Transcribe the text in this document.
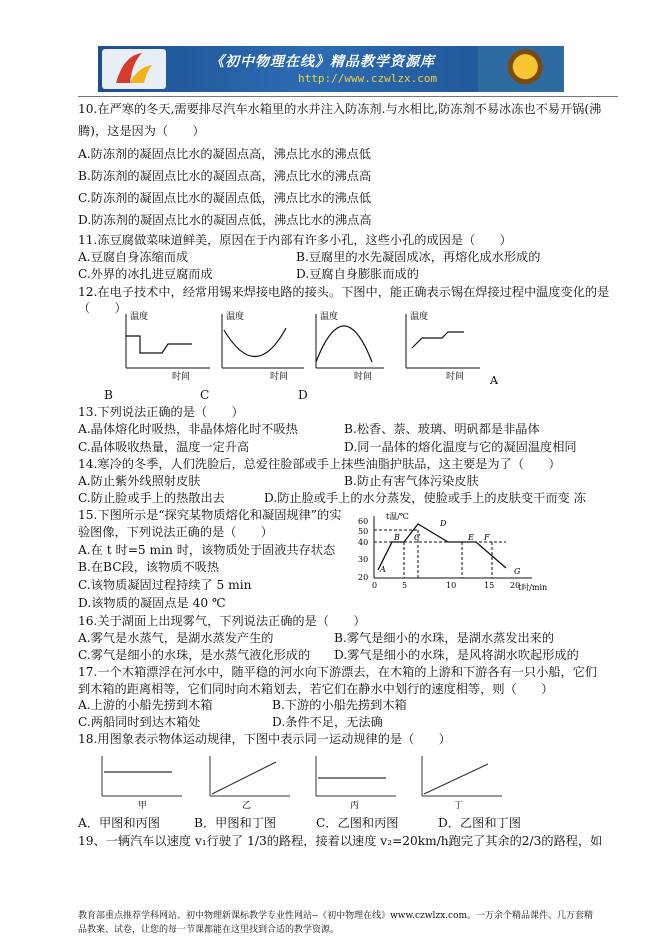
《初中物理在线》精品教学资源库
http://www.czwlzx.com
10.在严寒的冬天,需要排尽汽车水箱里的水并注入防冻剂.与水相比,防冻剂不易冰冻也不易开锅(沸
腾)，这是因为（　　）
A.防冻剂的凝固点比水的凝固点高，沸点比水的沸点低
B.防冻剂的凝固点比水的凝固点高，沸点比水的沸点高
C.防冻剂的凝固点比水的凝固点低，沸点比水的沸点低
D.防冻剂的凝固点比水的凝固点低，沸点比水的沸点高
11.冻豆腐做菜味道鲜美，原因在于内部有许多小孔，这些小孔的成因是（　　）
A.豆腐自身冻缩而成	B.豆腐里的水先凝固成冰，再熔化成水形成的
C.外界的冰扎进豆腐而成	D.豆腐自身膨胀而成的
12.在电子技术中，经常用锡来焊接电路的接头。下图中，能正确表示锡在焊接过程中温度变化的是
（　　）
温度	温度	温度	温度
时间	时间	时间	时间 A
B	C	D
13.下列说法正确的是（　　）
A.晶体熔化时吸热，非晶体熔化时不吸热	B.松香、萘、玻璃、明矾都是非晶体
C.晶体吸收热量，温度一定升高	D.同一晶体的熔化温度与它的凝固温度相同
14.寒冷的冬季，人们洗脸后，总爱往脸部或手上抹些油脂护肤品，这主要是为了（　　）
A.防止紫外线照射皮肤	B.防止有害气体污染皮肤
C.防止脸或手上的热散出去	D.防止脸或手上的水分蒸发，使脸或手上的皮肤变干而变 冻
15.下图所示是“探究某物质熔化和凝固规律”的实
验图像，下列说法正确的是（　　）
A.在 t 时=5 min 时，该物质处于固液共存状态
B.在BC段，该物质不吸热
C.该物质凝固过程持续了 5 min
D.该物质的凝固点是 40 ℃
t温/℃
60
50
40
30
20
0	5	10	15 20
t时/min
A
B C
D
E F
G
16.关于湖面上出现雾气，下列说法正确的是（　　）
A.雾气是水蒸气，是湖水蒸发产生的	B.雾气是细小的水珠，是湖水蒸发出来的
C.雾气是细小的水珠，是水蒸气液化形成的 D.雾气是细小的水珠，是风将湖水吹起形成的
17.一个木箱漂浮在河水中，随平稳的河水向下游漂去，在木箱的上游和下游各有一只小船，它们
到木箱的距离相等，它们同时向木箱划去，若它们在静水中划行的速度相等，则（　　）
A.上游的小船先捞到木箱	B.下游的小船先捞到木箱
C.两船同时到达木箱处	D.条件不足，无法确
18.用图象表示物体运动规律，下图中表示同一运动规律的是（　　）
甲	乙	丙	丁
A．甲图和丙图	B．甲图和丁图	C．乙图和丙图	D．乙图和丁图
19、一辆汽车以速度 v₁行驶了 1/3的路程，接着以速度 v₂=20km/h跑完了其余的2/3的路程，如
教育部重点推荐学科网站、初中物理新课标教学专业性网站--《初中物理在线》www.czwlzx.com。一万余个精品课件、几万套精品教案、试卷，让您的每一节课都能在这里找到合适的教学资源。
